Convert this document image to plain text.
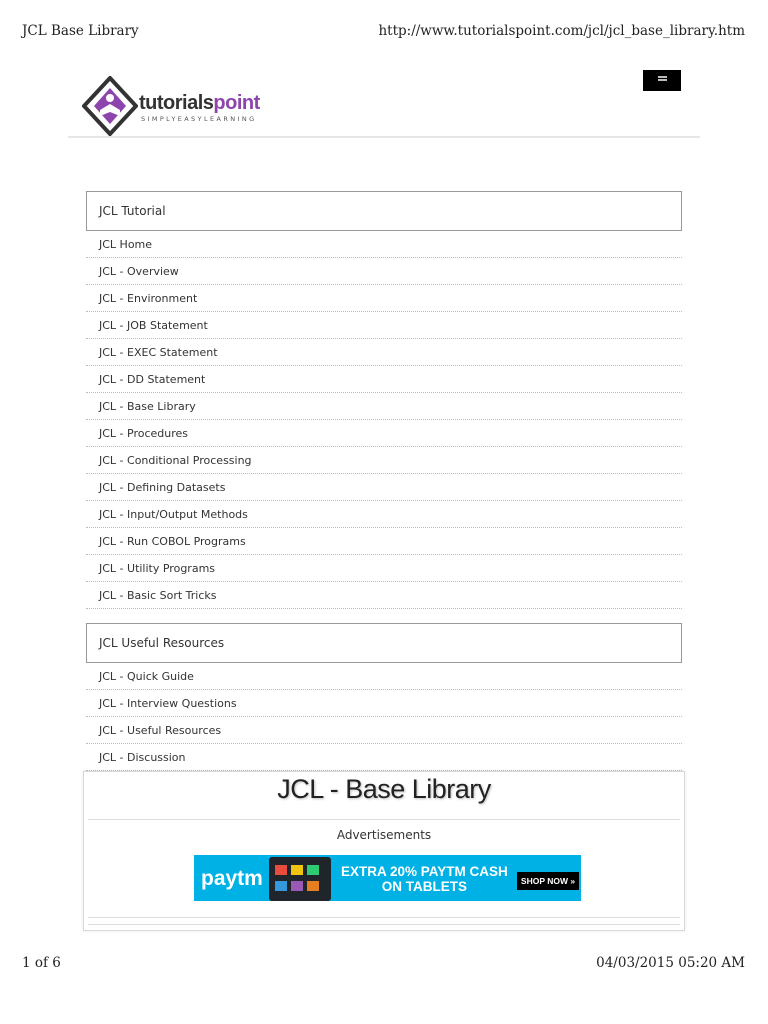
JCL Base Library	http://www.tutorialspoint.com/jcl/jcl_base_library.htm
tutorialspoint
SIMPLYEASYLEARNING
JCL Tutorial
JCL Home
JCL - Overview
JCL - Environment
JCL - JOB Statement
JCL - EXEC Statement
JCL - DD Statement
JCL - Base Library
JCL - Procedures
JCL - Conditional Processing
JCL - Defining Datasets
JCL - Input/Output Methods
JCL - Run COBOL Programs
JCL - Utility Programs
JCL - Basic Sort Tricks
JCL Useful Resources
JCL - Quick Guide
JCL - Interview Questions
JCL - Useful Resources
JCL - Discussion
JCL - Base Library
Advertisements
paytm	EXTRA 20% PAYTM CASH
ON TABLETS	SHOP NOW »
1 of 6	04/03/2015 05:20 AM
